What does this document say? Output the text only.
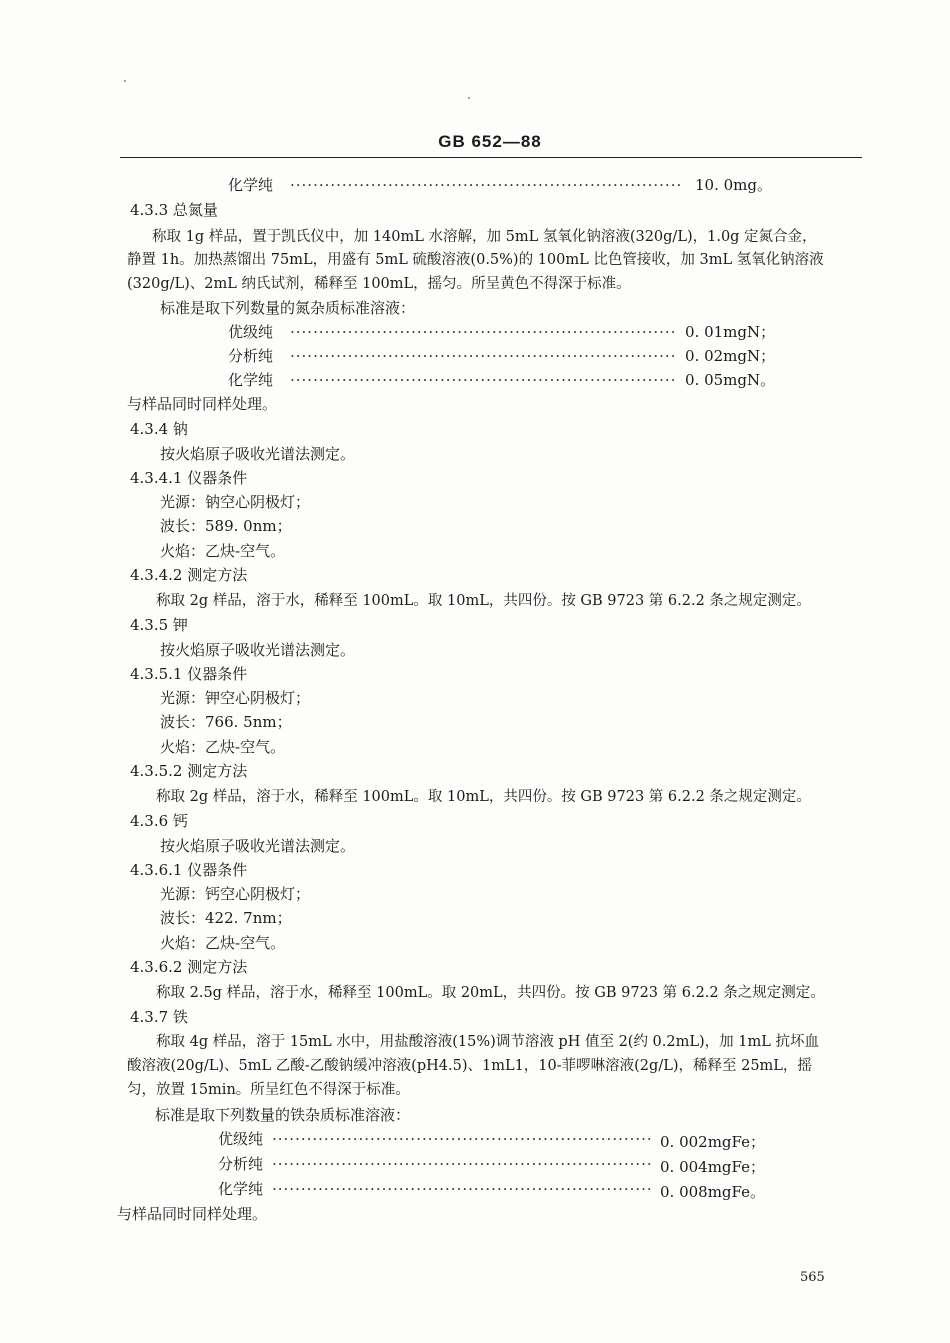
GB 652—88
化学纯 ·····	10. 0mg。
4.3.3 总氮量
称取 1g 样品，置于凯氏仪中，加 140mL 水溶解，加 5mL 氢氧化钠溶液(320g/L)，1.0g 定氮合金，
静置 1h。加热蒸馏出 75mL，用盛有 5mL 硫酸溶液(0.5%)的 100mL 比色管接收，加 3mL 氢氧化钠溶液
(320g/L)、2mL 纳氏试剂，稀释至 100mL，摇匀。所呈黄色不得深于标准。
标准是取下列数量的氮杂质标准溶液：
优级纯 ·····	0. 01mgN；
分析纯 ·····	0. 02mgN；
化学纯 ·····	0. 05mgN。
与样品同时同样处理。
4.3.4 钠
按火焰原子吸收光谱法测定。
4.3.4.1 仪器条件
光源：钠空心阴极灯；
波长：589. 0nm；
火焰：乙炔-空气。
4.3.4.2 测定方法
称取 2g 样品，溶于水，稀释至 100mL。取 10mL，共四份。按 GB 9723 第 6.2.2 条之规定测定。
4.3.5 钾
按火焰原子吸收光谱法测定。
4.3.5.1 仪器条件
光源：钾空心阴极灯；
波长：766. 5nm；
火焰：乙炔-空气。
4.3.5.2 测定方法
称取 2g 样品，溶于水，稀释至 100mL。取 10mL，共四份。按 GB 9723 第 6.2.2 条之规定测定。
4.3.6 钙
按火焰原子吸收光谱法测定。
4.3.6.1 仪器条件
光源：钙空心阴极灯；
波长：422. 7nm；
火焰：乙炔-空气。
4.3.6.2 测定方法
称取 2.5g 样品，溶于水，稀释至 100mL。取 20mL，共四份。按 GB 9723 第 6.2.2 条之规定测定。
4.3.7 铁
称取 4g 样品，溶于 15mL 水中，用盐酸溶液(15%)调节溶液 pH 值至 2(约 0.2mL)，加 1mL 抗坏血
酸溶液(20g/L)、5mL 乙酸-乙酸钠缓冲溶液(pH4.5)、1mL1，10-菲啰啉溶液(2g/L)，稀释至 25mL，摇
匀，放置 15min。所呈红色不得深于标准。
标准是取下列数量的铁杂质标准溶液：
优级纯 ·····	0. 002mgFe；
分析纯 ·····	0. 004mgFe；
化学纯 ·····	0. 008mgFe。
与样品同时同样处理。
565
